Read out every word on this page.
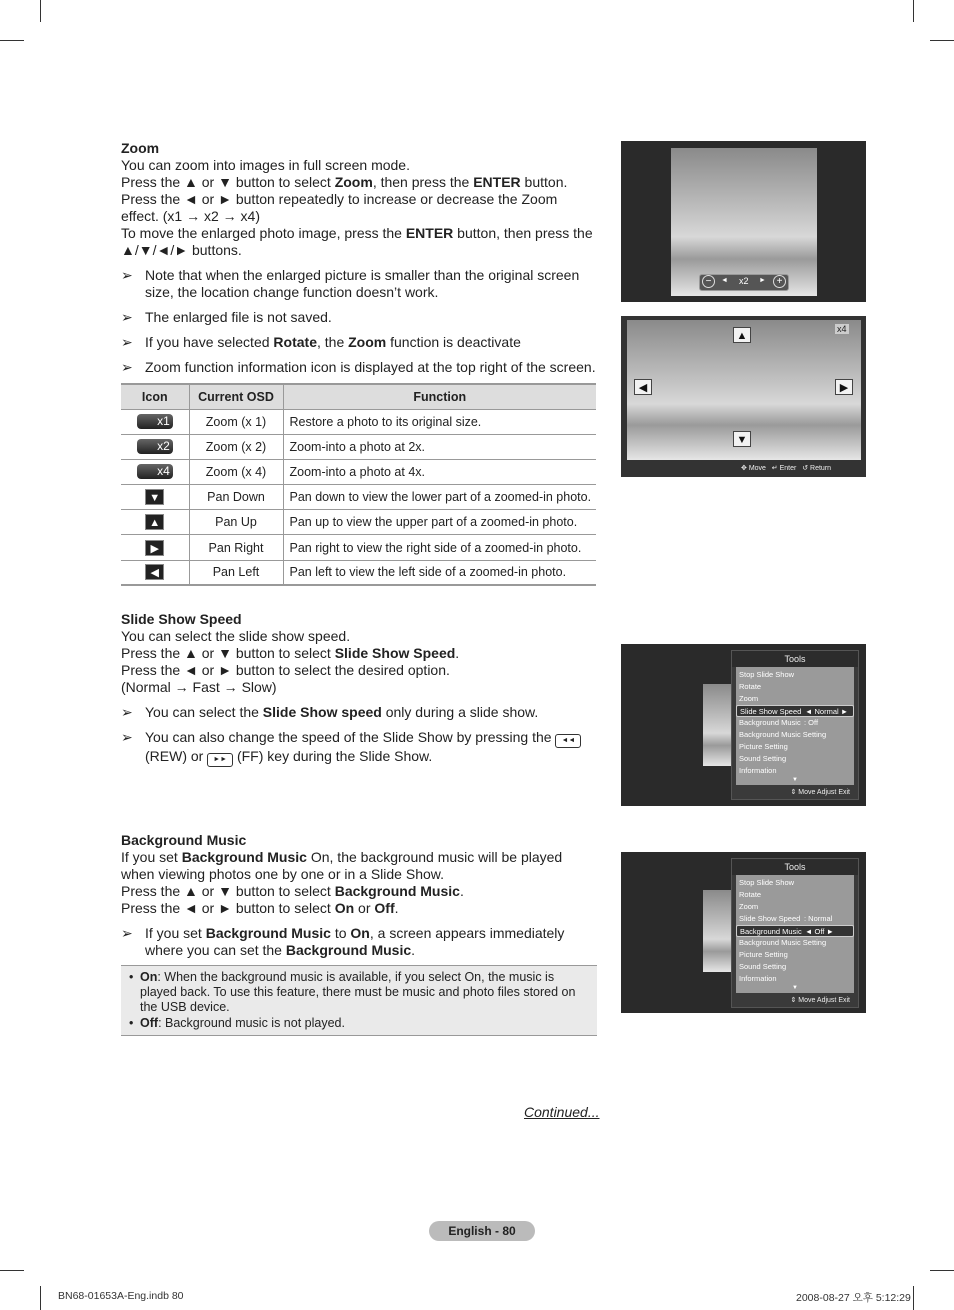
Zoom
You can zoom into images in full screen mode.
Press the ▲ or ▼ button to select Zoom, then press the ENTER button.
Press the ◄ or ► button repeatedly to increase or decrease the Zoom effect. (x1 → x2 → x4)
To move the enlarged photo image, press the ENTER button, then press the ▲/▼/◄/► buttons.
➢ Note that when the enlarged picture is smaller than the original screen size, the location change function doesn’t work.
➢ The enlarged file is not saved.
➢ If you have selected Rotate, the Zoom function is deactivate
➢ Zoom function information icon is displayed at the top right of the screen.
Icon	Current OSD	Function
x1	Zoom (x 1)	Restore a photo to its original size.
x2	Zoom (x 2)	Zoom-into a photo at 2x.
x4	Zoom (x 4)	Zoom-into a photo at 4x.
▼	Pan Down	Pan down to view the lower part of a zoomed-in photo.
▲	Pan Up	Pan up to view the upper part of a zoomed-in photo.
▶	Pan Right	Pan right to view the right side of a zoomed-in photo.
◀	Pan Left	Pan left to view the left side of a zoomed-in photo.
Slide Show Speed
You can select the slide show speed.
Press the ▲ or ▼ button to select Slide Show Speed.
Press the ◄ or ► button to select the desired option.
(Normal → Fast → Slow)
➢ You can select the Slide Show speed only during a slide show.
➢ You can also change the speed of the Slide Show by pressing the ◄◄ (REW) or ►► (FF) key during the Slide Show.
Background Music
If you set Background Music On, the background music will be played when viewing photos one by one or in a Slide Show.
Press the ▲ or ▼ button to select Background Music.
Press the ◄ or ► button to select On or Off.
➢ If you set Background Music to On, a screen appears immediately where you can set the Background Music.
• On: When the background music is available, if you select On, the music is played back. To use this feature, there must be music and photo files stored on the USB device.
• Off: Background music is not played.
−	◄ x2 ►	+
x4
▲
▼
◀	▶
✥ Move ↵ Enter ↺ Return
Tools
Stop Slide Show
Rotate
Zoom
Slide Show Speed ◄ Normal ►
Background Music : Off
Background Music Setting
Picture Setting
Sound Setting
Information
▼
⇕ Move Adjust Exit
Tools
Stop Slide Show
Rotate
Zoom
Slide Show Speed : Normal
Background Music ◄ Off ►
Background Music Setting
Picture Setting
Sound Setting
Information
▼
⇕ Move Adjust Exit
Continued...
English - 80
BN68-01653A-Eng.indb 80	2008-08-27 오후 5:12:29
